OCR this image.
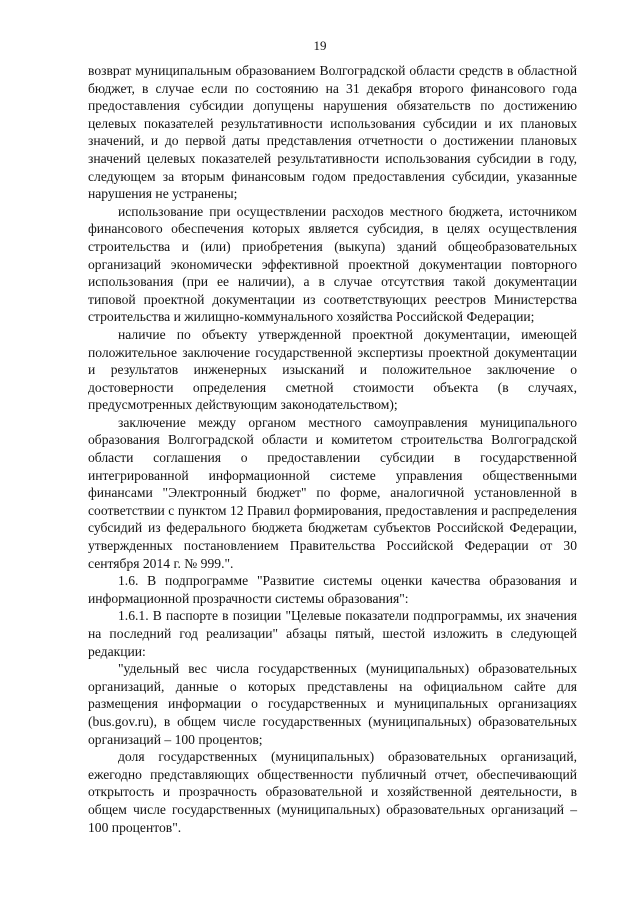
19

возврат муниципальным образованием Волгоградской области средств в областной бюджет, в случае если по состоянию на 31 декабря второго финансового года предоставления субсидии допущены нарушения обязательств по достижению целевых показателей результативности использования субсидии и их плановых значений, и до первой даты представления отчетности о достижении плановых значений целевых показателей результативности использования субсидии в году, следующем за вторым финансовым годом предоставления субсидии, указанные нарушения не устранены;

использование при осуществлении расходов местного бюджета, источником финансового обеспечения которых является субсидия, в целях осуществления строительства и (или) приобретения (выкупа) зданий общеобразовательных организаций экономически эффективной проектной документации повторного использования (при ее наличии), а в случае отсутствия такой документации типовой проектной документации из соответствующих реестров Министерства строительства и жилищно-коммунального хозяйства Российской Федерации;

наличие по объекту утвержденной проектной документации, имеющей положительное заключение государственной экспертизы проектной документации и результатов инженерных изысканий и положительное заключение о достоверности определения сметной стоимости объекта (в случаях, предусмотренных действующим законодательством);

заключение между органом местного самоуправления муниципального образования Волгоградской области и комитетом строительства Волгоградской области соглашения о предоставлении субсидии в государственной интегрированной информационной системе управления общественными финансами "Электронный бюджет" по форме, аналогичной установленной в соответствии с пунктом 12 Правил формирования, предоставления и распределения субсидий из федерального бюджета бюджетам субъектов Российской Федерации, утвержденных постановлением Правительства Российской Федерации от 30 сентября 2014 г. № 999.".

1.6. В подпрограмме "Развитие системы оценки качества образования и информационной прозрачности системы образования":

1.6.1. В паспорте в позиции "Целевые показатели подпрограммы, их значения на последний год реализации" абзацы пятый, шестой изложить в следующей редакции:

"удельный вес числа государственных (муниципальных) образовательных организаций, данные о которых представлены на официальном сайте для размещения информации о государственных и муниципальных организациях (bus.gov.ru), в общем числе государственных (муниципальных) образовательных организаций – 100 процентов;

доля государственных (муниципальных) образовательных организаций, ежегодно представляющих общественности публичный отчет, обеспечивающий открытость и прозрачность образовательной и хозяйственной деятельности, в общем числе государственных (муниципальных) образовательных организаций – 100 процентов".
